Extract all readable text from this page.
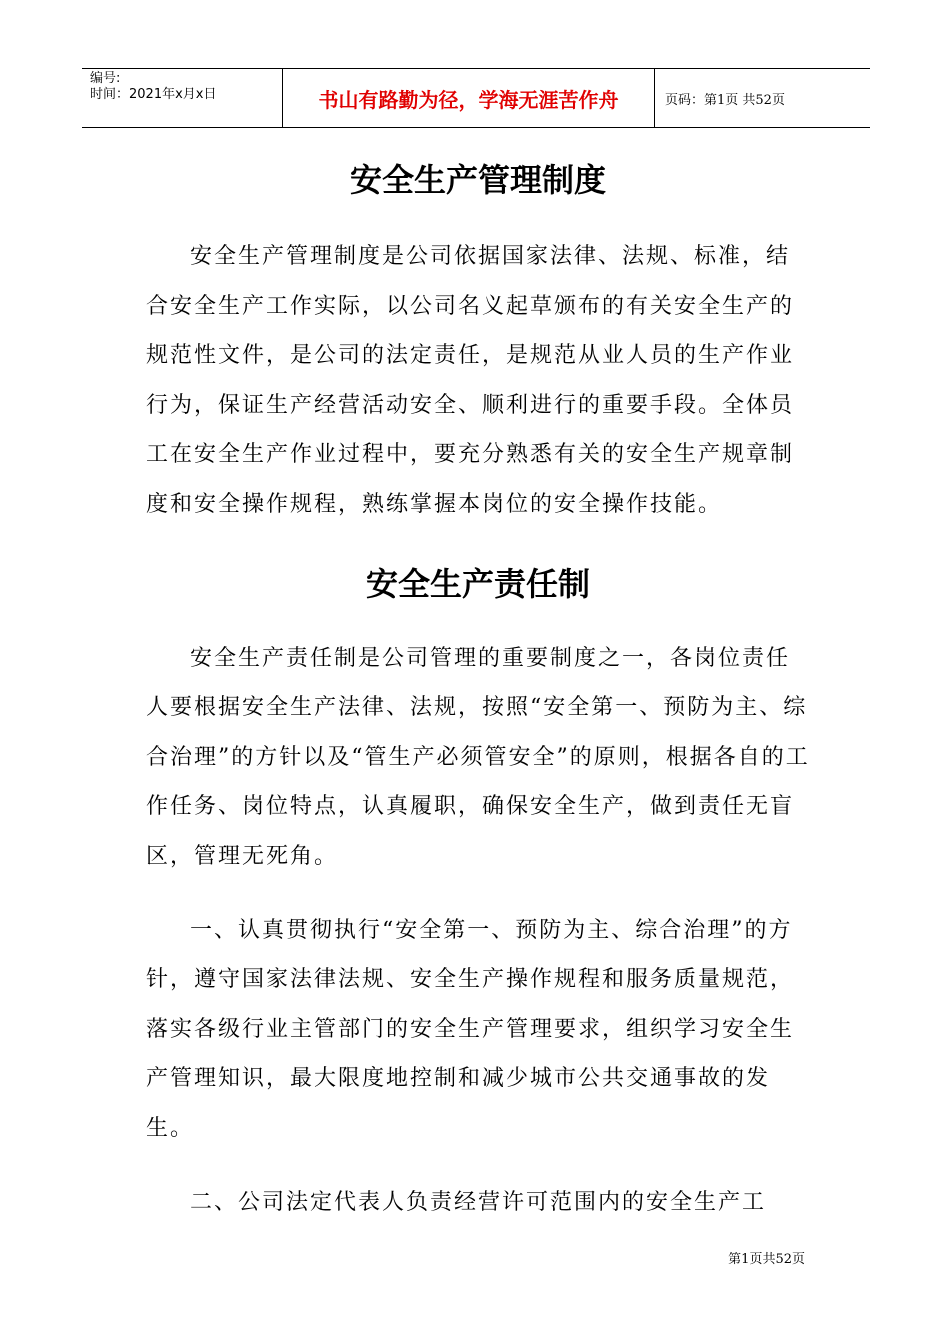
编号:
时间：2021年x月x日	书山有路勤为径，学海无涯苦作舟	页码：第1页 共52页
安全生产管理制度

安全生产管理制度是公司依据国家法律、法规、标准，结合安全生产工作实际，以公司名义起草颁布的有关安全生产的规范性文件，是公司的法定责任，是规范从业人员的生产作业行为，保证生产经营活动安全、顺利进行的重要手段。全体员工在安全生产作业过程中，要充分熟悉有关的安全生产规章制度和安全操作规程，熟练掌握本岗位的安全操作技能。

安全生产责任制

安全生产责任制是公司管理的重要制度之一，各岗位责任人要根据安全生产法律、法规，按照“安全第一、预防为主、综合治理”的方针以及“管生产必须管安全”的原则，根据各自的工作任务、岗位特点，认真履职，确保安全生产，做到责任无盲区，管理无死角。

一、认真贯彻执行“安全第一、预防为主、综合治理”的方针，遵守国家法律法规、安全生产操作规程和服务质量规范，落实各级行业主管部门的安全生产管理要求，组织学习安全生产管理知识，最大限度地控制和减少城市公共交通事故的发生。

二、公司法定代表人负责经营许可范围内的安全生产工

第1页共52页
